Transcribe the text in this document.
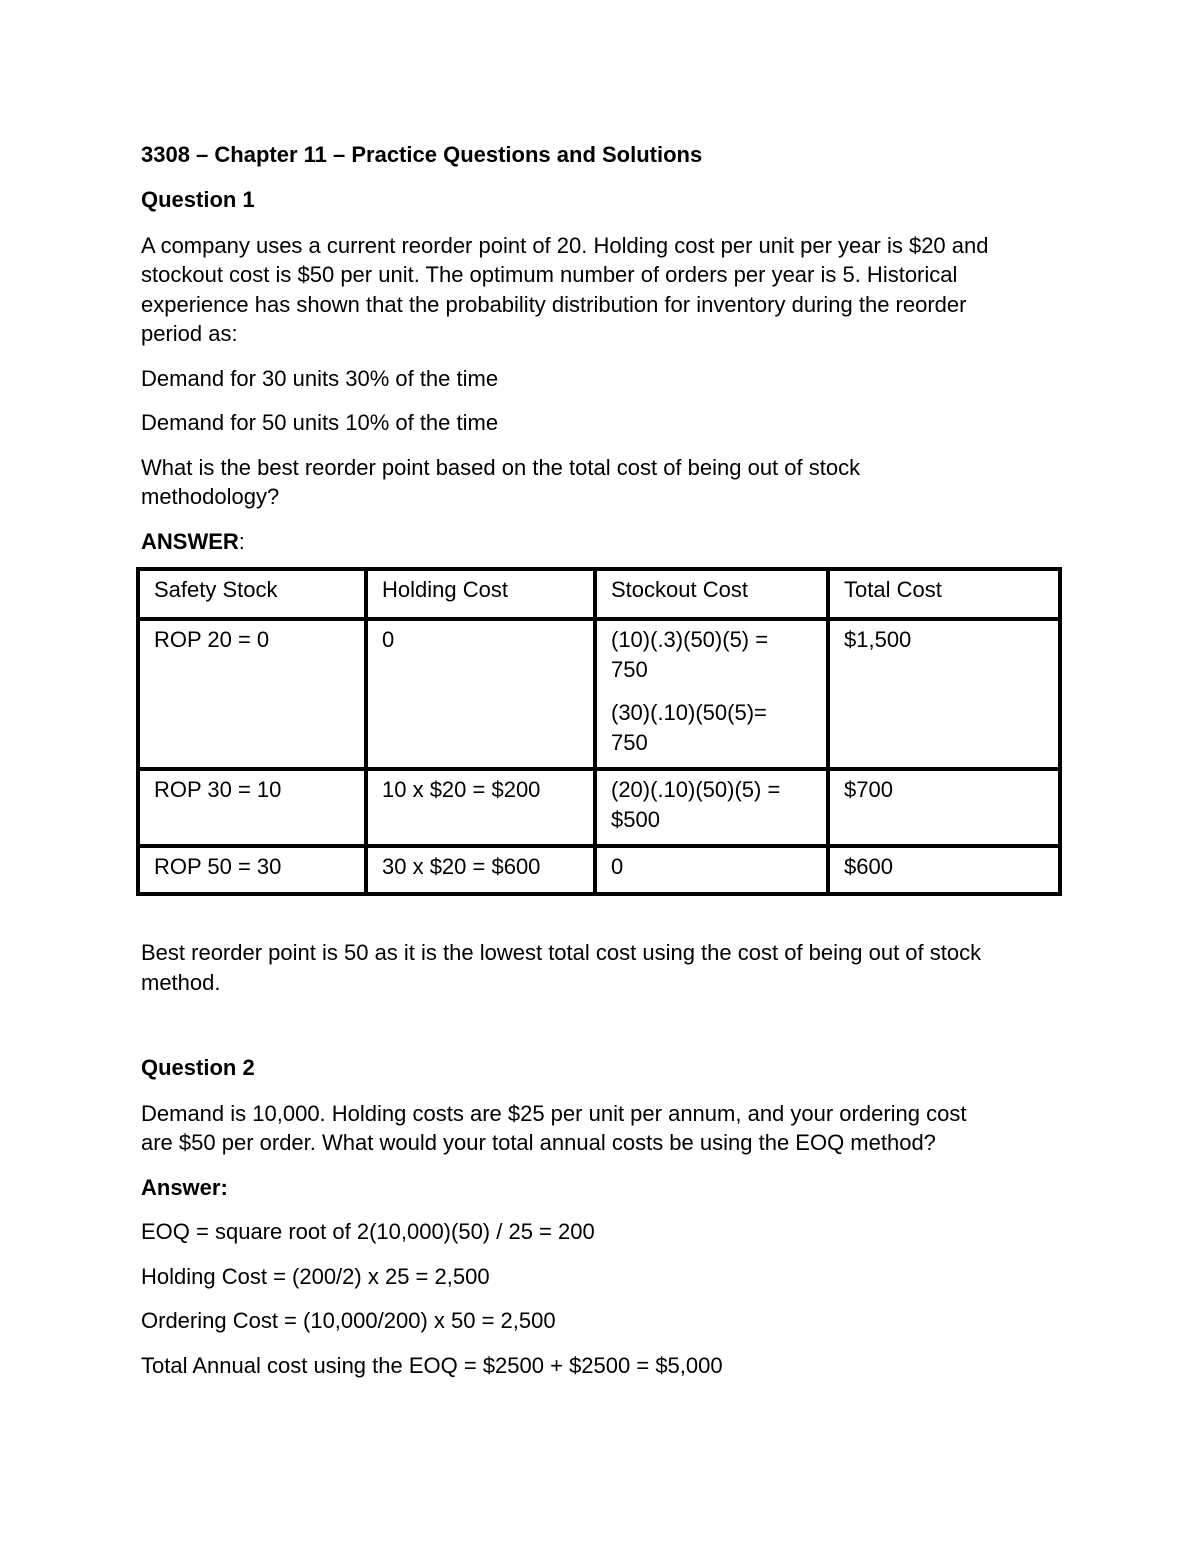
3308 – Chapter 11 – Practice Questions and Solutions

Question 1

A company uses a current reorder point of 20. Holding cost per unit per year is $20 and

stockout cost is $50 per unit. The optimum number of orders per year is 5. Historical

experience has shown that the probability distribution for inventory during the reorder

period as:

Demand for 30 units 30% of the time

Demand for 50 units 10% of the time

What is the best reorder point based on the total cost of being out of stock

methodology?

ANSWER:

Safety Stock	Holding Cost	Stockout Cost	Total Cost
ROP 20 = 0	0	(10)(.3)(50)(5) =
750

(30)(.10)(50(5)=
750	$1,500
ROP 30 = 10	10 x $20 = $200	(20)(.10)(50)(5) =
$500	$700
ROP 50 = 30	30 x $20 = $600	0	$600

Best reorder point is 50 as it is the lowest total cost using the cost of being out of stock

method.

Question 2

Demand is 10,000. Holding costs are $25 per unit per annum, and your ordering cost

are $50 per order. What would your total annual costs be using the EOQ method?

Answer:

EOQ = square root of 2(10,000)(50) / 25 = 200

Holding Cost = (200/2) x 25 = 2,500

Ordering Cost = (10,000/200) x 50 = 2,500

Total Annual cost using the EOQ = $2500 + $2500 = $5,000
